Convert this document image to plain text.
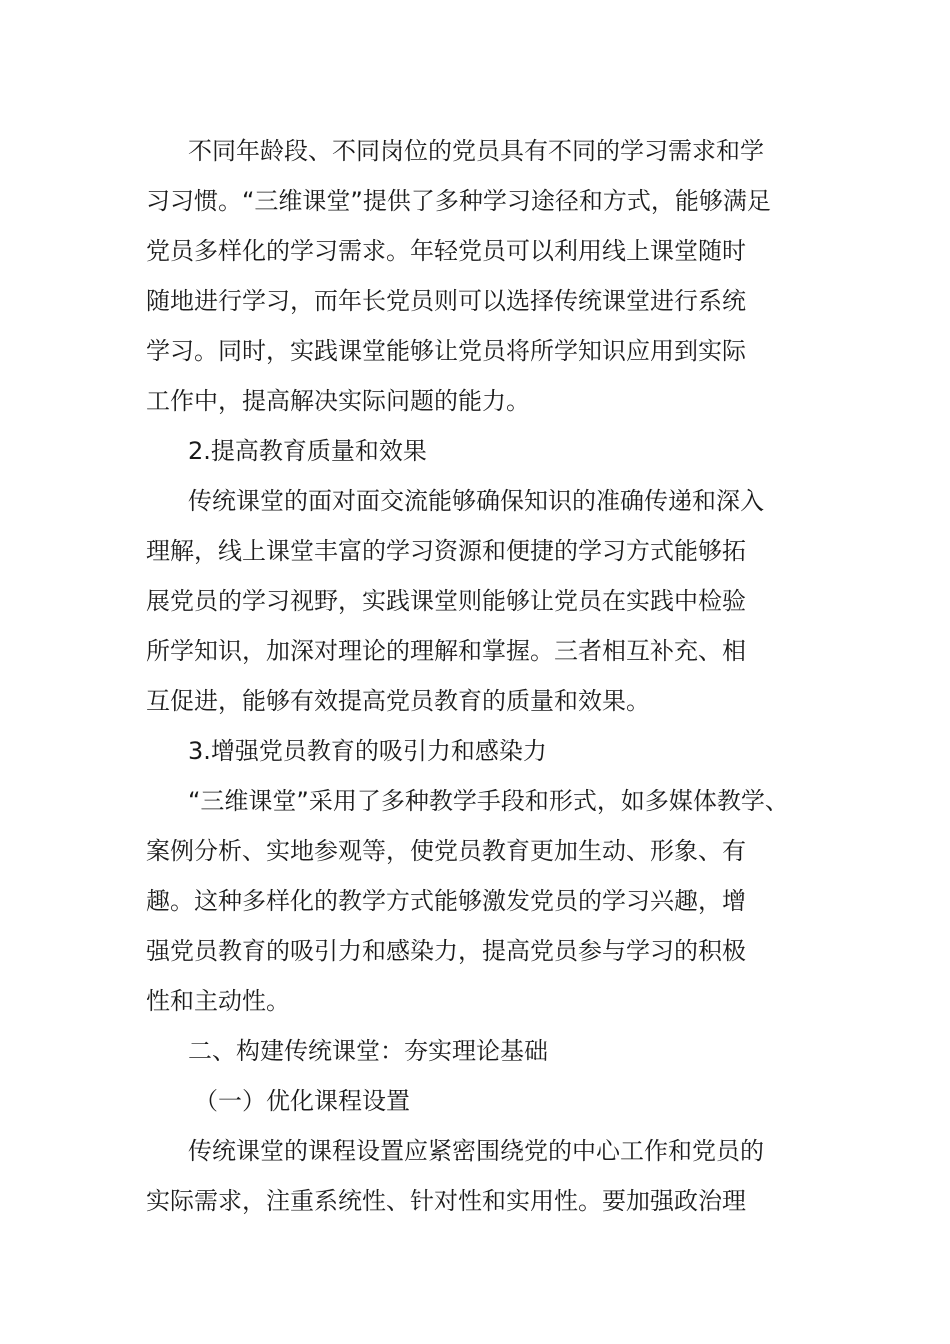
不同年龄段、不同岗位的党员具有不同的学习需求和学
习习惯。“三维课堂”提供了多种学习途径和方式，能够满足
党员多样化的学习需求。年轻党员可以利用线上课堂随时
随地进行学习，而年长党员则可以选择传统课堂进行系统
学习。同时，实践课堂能够让党员将所学知识应用到实际
工作中，提高解决实际问题的能力。
2.提高教育质量和效果
传统课堂的面对面交流能够确保知识的准确传递和深入
理解，线上课堂丰富的学习资源和便捷的学习方式能够拓
展党员的学习视野，实践课堂则能够让党员在实践中检验
所学知识，加深对理论的理解和掌握。三者相互补充、相
互促进，能够有效提高党员教育的质量和效果。
3.增强党员教育的吸引力和感染力
“三维课堂”采用了多种教学手段和形式，如多媒体教学、
案例分析、实地参观等，使党员教育更加生动、形象、有
趣。这种多样化的教学方式能够激发党员的学习兴趣，增
强党员教育的吸引力和感染力，提高党员参与学习的积极
性和主动性。
二、构建传统课堂：夯实理论基础
（一）优化课程设置
传统课堂的课程设置应紧密围绕党的中心工作和党员的
实际需求，注重系统性、针对性和实用性。要加强政治理
